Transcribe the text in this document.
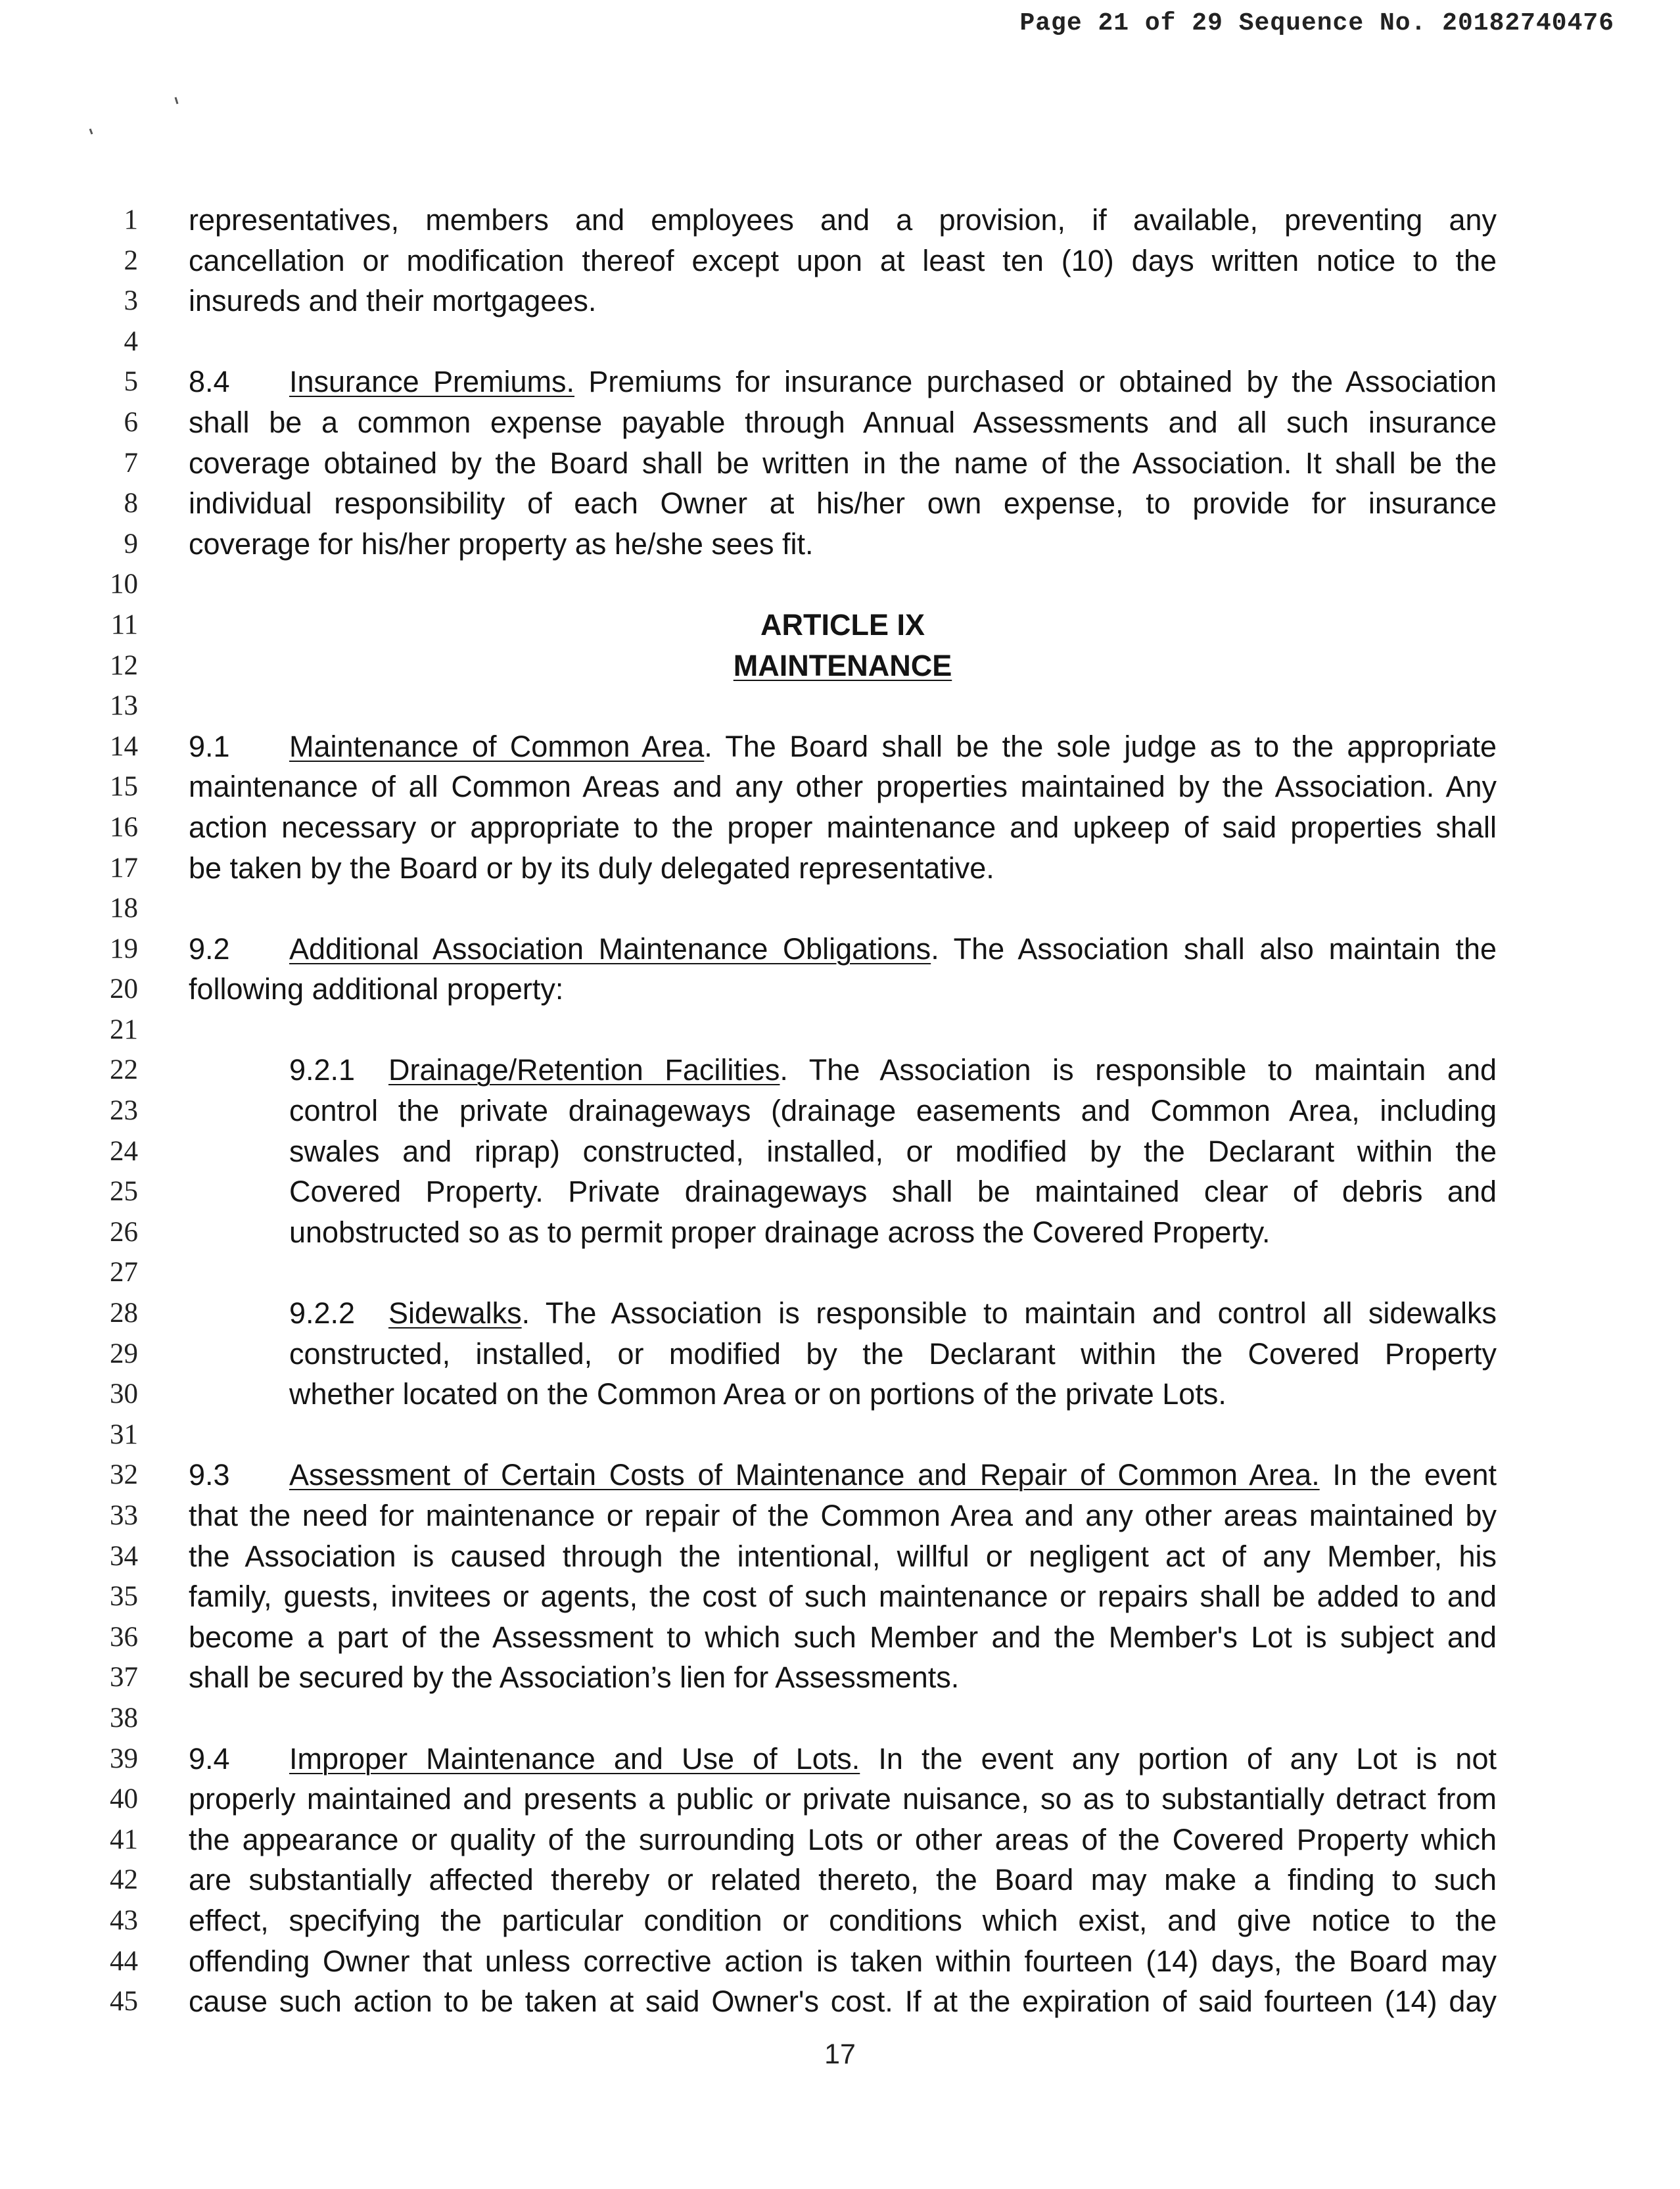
Page 21 of 29 Sequence No. 20182740476
1 representatives, members and employees and a provision, if available, preventing any
2 cancellation or modification thereof except upon at least ten (10) days written notice to the
3 insureds and their mortgagees.
4
5 8.4 Insurance Premiums. Premiums for insurance purchased or obtained by the Association
6 shall be a common expense payable through Annual Assessments and all such insurance
7 coverage obtained by the Board shall be written in the name of the Association. It shall be the
8 individual responsibility of each Owner at his/her own expense, to provide for insurance
9 coverage for his/her property as he/she sees fit.
10
11	ARTICLE IX
12	MAINTENANCE
13
14 9.1 Maintenance of Common Area. The Board shall be the sole judge as to the appropriate
15 maintenance of all Common Areas and any other properties maintained by the Association. Any
16 action necessary or appropriate to the proper maintenance and upkeep of said properties shall
17 be taken by the Board or by its duly delegated representative.
18
19 9.2 Additional Association Maintenance Obligations. The Association shall also maintain the
20 following additional property:
21
22	9.2.1 Drainage/Retention Facilities. The Association is responsible to maintain and
23	control the private drainageways (drainage easements and Common Area, including
24	swales and riprap) constructed, installed, or modified by the Declarant within the
25	Covered Property. Private drainageways shall be maintained clear of debris and
26	unobstructed so as to permit proper drainage across the Covered Property.
27
28	9.2.2 Sidewalks. The Association is responsible to maintain and control all sidewalks
29	constructed, installed, or modified by the Declarant within the Covered Property
30	whether located on the Common Area or on portions of the private Lots.
31
32 9.3 Assessment of Certain Costs of Maintenance and Repair of Common Area. In the event
33 that the need for maintenance or repair of the Common Area and any other areas maintained by
34 the Association is caused through the intentional, willful or negligent act of any Member, his
35 family, guests, invitees or agents, the cost of such maintenance or repairs shall be added to and
36 become a part of the Assessment to which such Member and the Member's Lot is subject and
37 shall be secured by the Association’s lien for Assessments.
38
39 9.4 Improper Maintenance and Use of Lots. In the event any portion of any Lot is not
40 properly maintained and presents a public or private nuisance, so as to substantially detract from
41 the appearance or quality of the surrounding Lots or other areas of the Covered Property which
42 are substantially affected thereby or related thereto, the Board may make a finding to such
43 effect, specifying the particular condition or conditions which exist, and give notice to the
44 offending Owner that unless corrective action is taken within fourteen (14) days, the Board may
45 cause such action to be taken at said Owner's cost. If at the expiration of said fourteen (14) day
17
